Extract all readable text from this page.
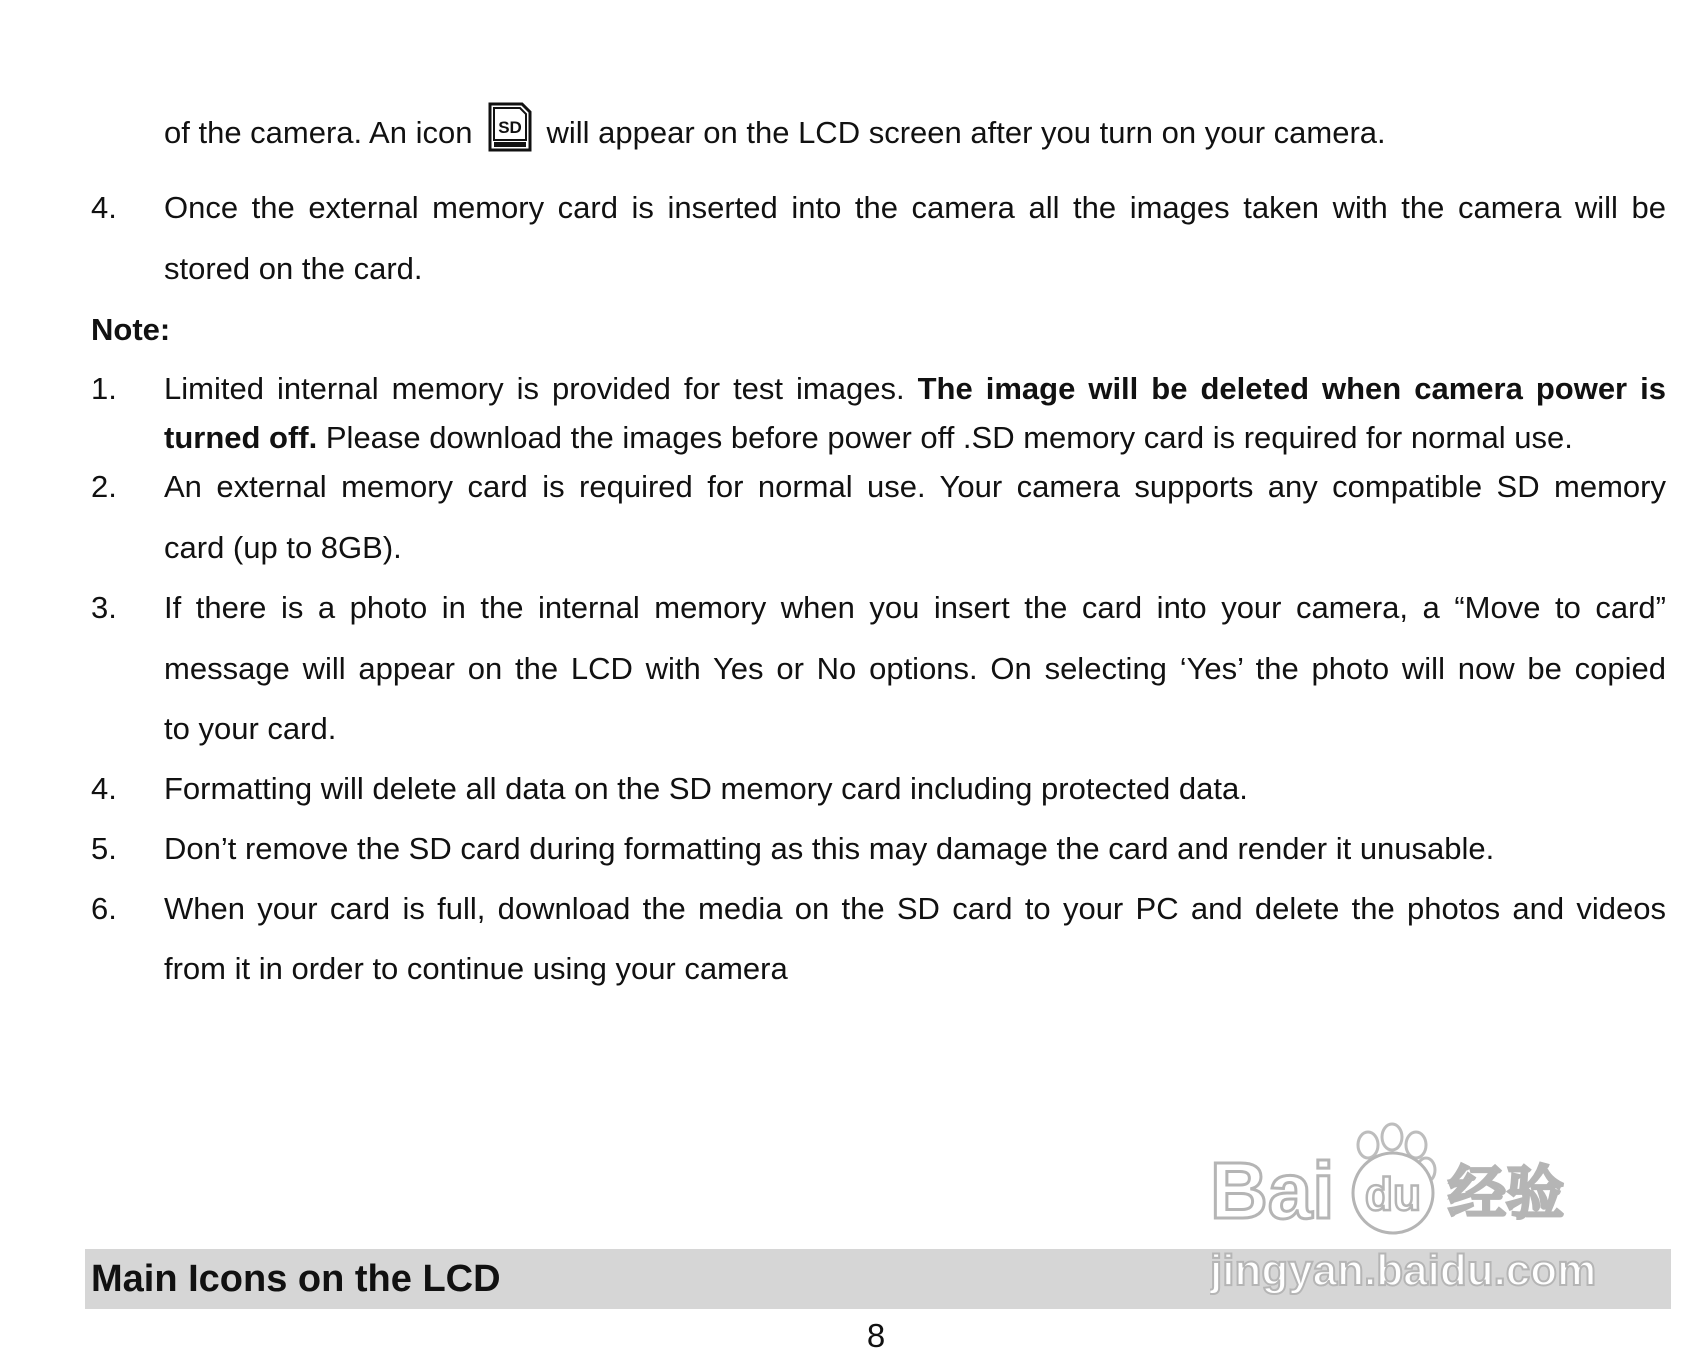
of the camera. An icon SD will appear on the LCD screen after you turn on your camera.
4. Once the external memory card is inserted into the camera all the images taken with the camera will be
stored on the card.
Note:
1. Limited internal memory is provided for test images. The image will be deleted when camera power is
turned off. Please download the images before power off .SD memory card is required for normal use.
2. An external memory card is required for normal use. Your camera supports any compatible SD memory
card (up to 8GB).
3. If there is a photo in the internal memory when you insert the card into your camera, a “Move to card”
message will appear on the LCD with Yes or No options. On selecting ‘Yes’ the photo will now be copied
to your card.
4. Formatting will delete all data on the SD memory card including protected data.
5. Don’t remove the SD card during formatting as this may damage the card and render it unusable.
6. When your card is full, download the media on the SD card to your PC and delete the photos and videos
from it in order to continue using your camera
Main Icons on the LCD
8
Bai du 经验
jingyan.baidu.com
